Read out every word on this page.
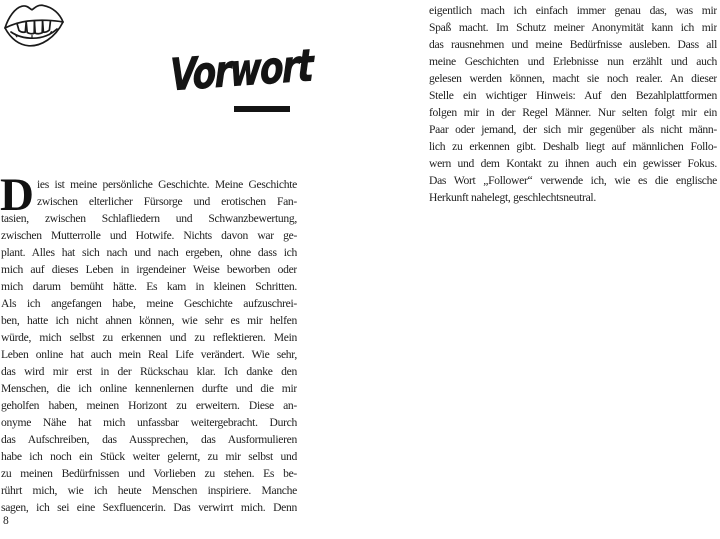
Vorwort
D ies ist meine persönliche Geschichte. Meine Geschichte
zwischen elterlicher Fürsorge und erotischen Fan-
tasien, zwischen Schlafliedern und Schwanzbewertung,
zwischen Mutterrolle und Hotwife. Nichts davon war ge-
plant. Alles hat sich nach und nach ergeben, ohne dass ich
mich auf dieses Leben in irgendeiner Weise beworben oder
mich darum bemüht hätte. Es kam in kleinen Schritten.
Als ich angefangen habe, meine Geschichte aufzuschrei-
ben, hatte ich nicht ahnen können, wie sehr es mir helfen
würde, mich selbst zu erkennen und zu reflektieren. Mein
Leben online hat auch mein Real Life verändert. Wie sehr,
das wird mir erst in der Rückschau klar. Ich danke den
Menschen, die ich online kennenlernen durfte und die mir
geholfen haben, meinen Horizont zu erweitern. Diese an-
onyme Nähe hat mich unfassbar weitergebracht. Durch
das Aufschreiben, das Aussprechen, das Ausformulieren
habe ich noch ein Stück weiter gelernt, zu mir selbst und
zu meinen Bedürfnissen und Vorlieben zu stehen. Es be-
rührt mich, wie ich heute Menschen inspiriere. Manche
sagen, ich sei eine Sexfluencerin. Das verwirrt mich. Denn
8
eigentlich mach ich einfach immer genau das, was mir
Spaß macht. Im Schutz meiner Anonymität kann ich mir
das rausnehmen und meine Bedürfnisse ausleben. Dass all
meine Geschichten und Erlebnisse nun erzählt und auch
gelesen werden können, macht sie noch realer. An dieser
Stelle ein wichtiger Hinweis: Auf den Bezahlplattformen
folgen mir in der Regel Männer. Nur selten folgt mir ein
Paar oder jemand, der sich mir gegenüber als nicht männ-
lich zu erkennen gibt. Deshalb liegt auf männlichen Follo-
wern und dem Kontakt zu ihnen auch ein gewisser Fokus.
Das Wort „Follower“ verwende ich, wie es die englische
Herkunft nahelegt, geschlechtsneutral.
